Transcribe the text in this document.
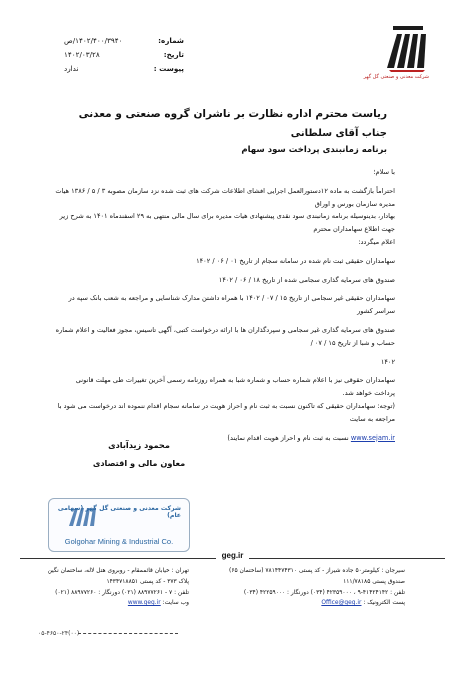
شماره:
۱۴۰۲/۴۰۰/۳۹۴۰/ص
تاریخ:
۱۴۰۲/۰۳/۲۸
پیوست :
ندارد
شرکت معدنی و صنعتی گل گهر
ریاست محترم اداره نظارت بر ناشران گروه صنعتی و معدنی
جناب آقای سلطانی
برنامه زمانبندی پرداخت سود سهام

با سلام؛

احتراماً بازگشت به ماده ۱۲دستورالعمل اجرایی افشای اطلاعات شرکت های ثبت شده نزد سازمان مصوبه ۳ / ۵ / ۱۳۸۶ هیات مدیره سازمان بورس و اوراق

بهادار، بدینوسیله برنامه زمانبندی سود نقدی پیشنهادی هیات مدیره برای سال مالی منتهی به ۲۹ اسفندماه ۱۴۰۱ به شرح زیر جهت اطلاع سهامداران محترم

اعلام میگردد:

سهامداران حقیقی ثبت نام شده در سامانه سجام از تاریخ ۰۱ / ۰۶ / ۱۴۰۲

صندوق های سرمایه گذاری سجامی شده از تاریخ ۱۸ / ۰۶ / ۱۴۰۲

سهامداران حقیقی غیر سجامی از تاریخ ۱۵ / ۰۷ / ۱۴۰۲ با همراه داشتن مدارک شناسایی و مراجعه به شعب بانک سپه در سراسر کشور

صندوق های سرمایه گذاری غیر سجامی و سپردگذاران ها با ارائه درخواست کتبی، آگهی تاسیس، مجوز فعالیت و اعلام شماره حساب و شبا از تاریخ ۱۵ / ۰۷ /

۱۴۰۲

سهامداران حقوقی نیز با اعلام شماره حساب و شماره شبا به همراه روزنامه رسمی آخرین تغییرات طی مهلت قانونی پرداخت خواهد شد.

(توجه: سهامداران حقیقی که تاکنون نسبت به ثبت نام و احراز هویت در سامانه سجام اقدام ننموده اند درخواست می شود با مراجعه به سایت

www.sejam.ir نسبت به ثبت نام و احراز هویت اقدام نمایند)

محمود زیدآبادی
معاون مالی و اقتصادی
شرکت معدنی و صنعتی گل گهر (سهامی عام)
Golgohar Mining & Industrial Co.
geg.ir
سیرجان : کیلومتر۵۰ جاده شیراز - کد پستی ۷۸۱۴۴۷۴۳۱۰ (ساختمان ۶۵)
صندوق پستی ۱۱۱/۷۸۱۸۵
تلفن : ۴۱۴۲۴۱۴۲-۹ ، ۴۲۳۵۹۰۰۰ (۰۳۴) دورنگار : ۴۲۲۵۹۰۰۰ (۰۳۴)
پست الکترونیک : Office@geg.ir
تهران : خیابان قائممقام - روبروی هتل لاله، ساختمان نگین
پلاک ۳۷۳ - کد پستی ۱۴۳۴۷۱۸۸۵۱
تلفن : ۷ - ۸۸۹۷۷۲۶۱ (۰۲۱) دورنگار : ۸۸۹۷۷۲۶۰ (۰۲۱)
وب سایت: www.geg.ir
۰۵-۴۶۵۰-۲۴(۰۰)
